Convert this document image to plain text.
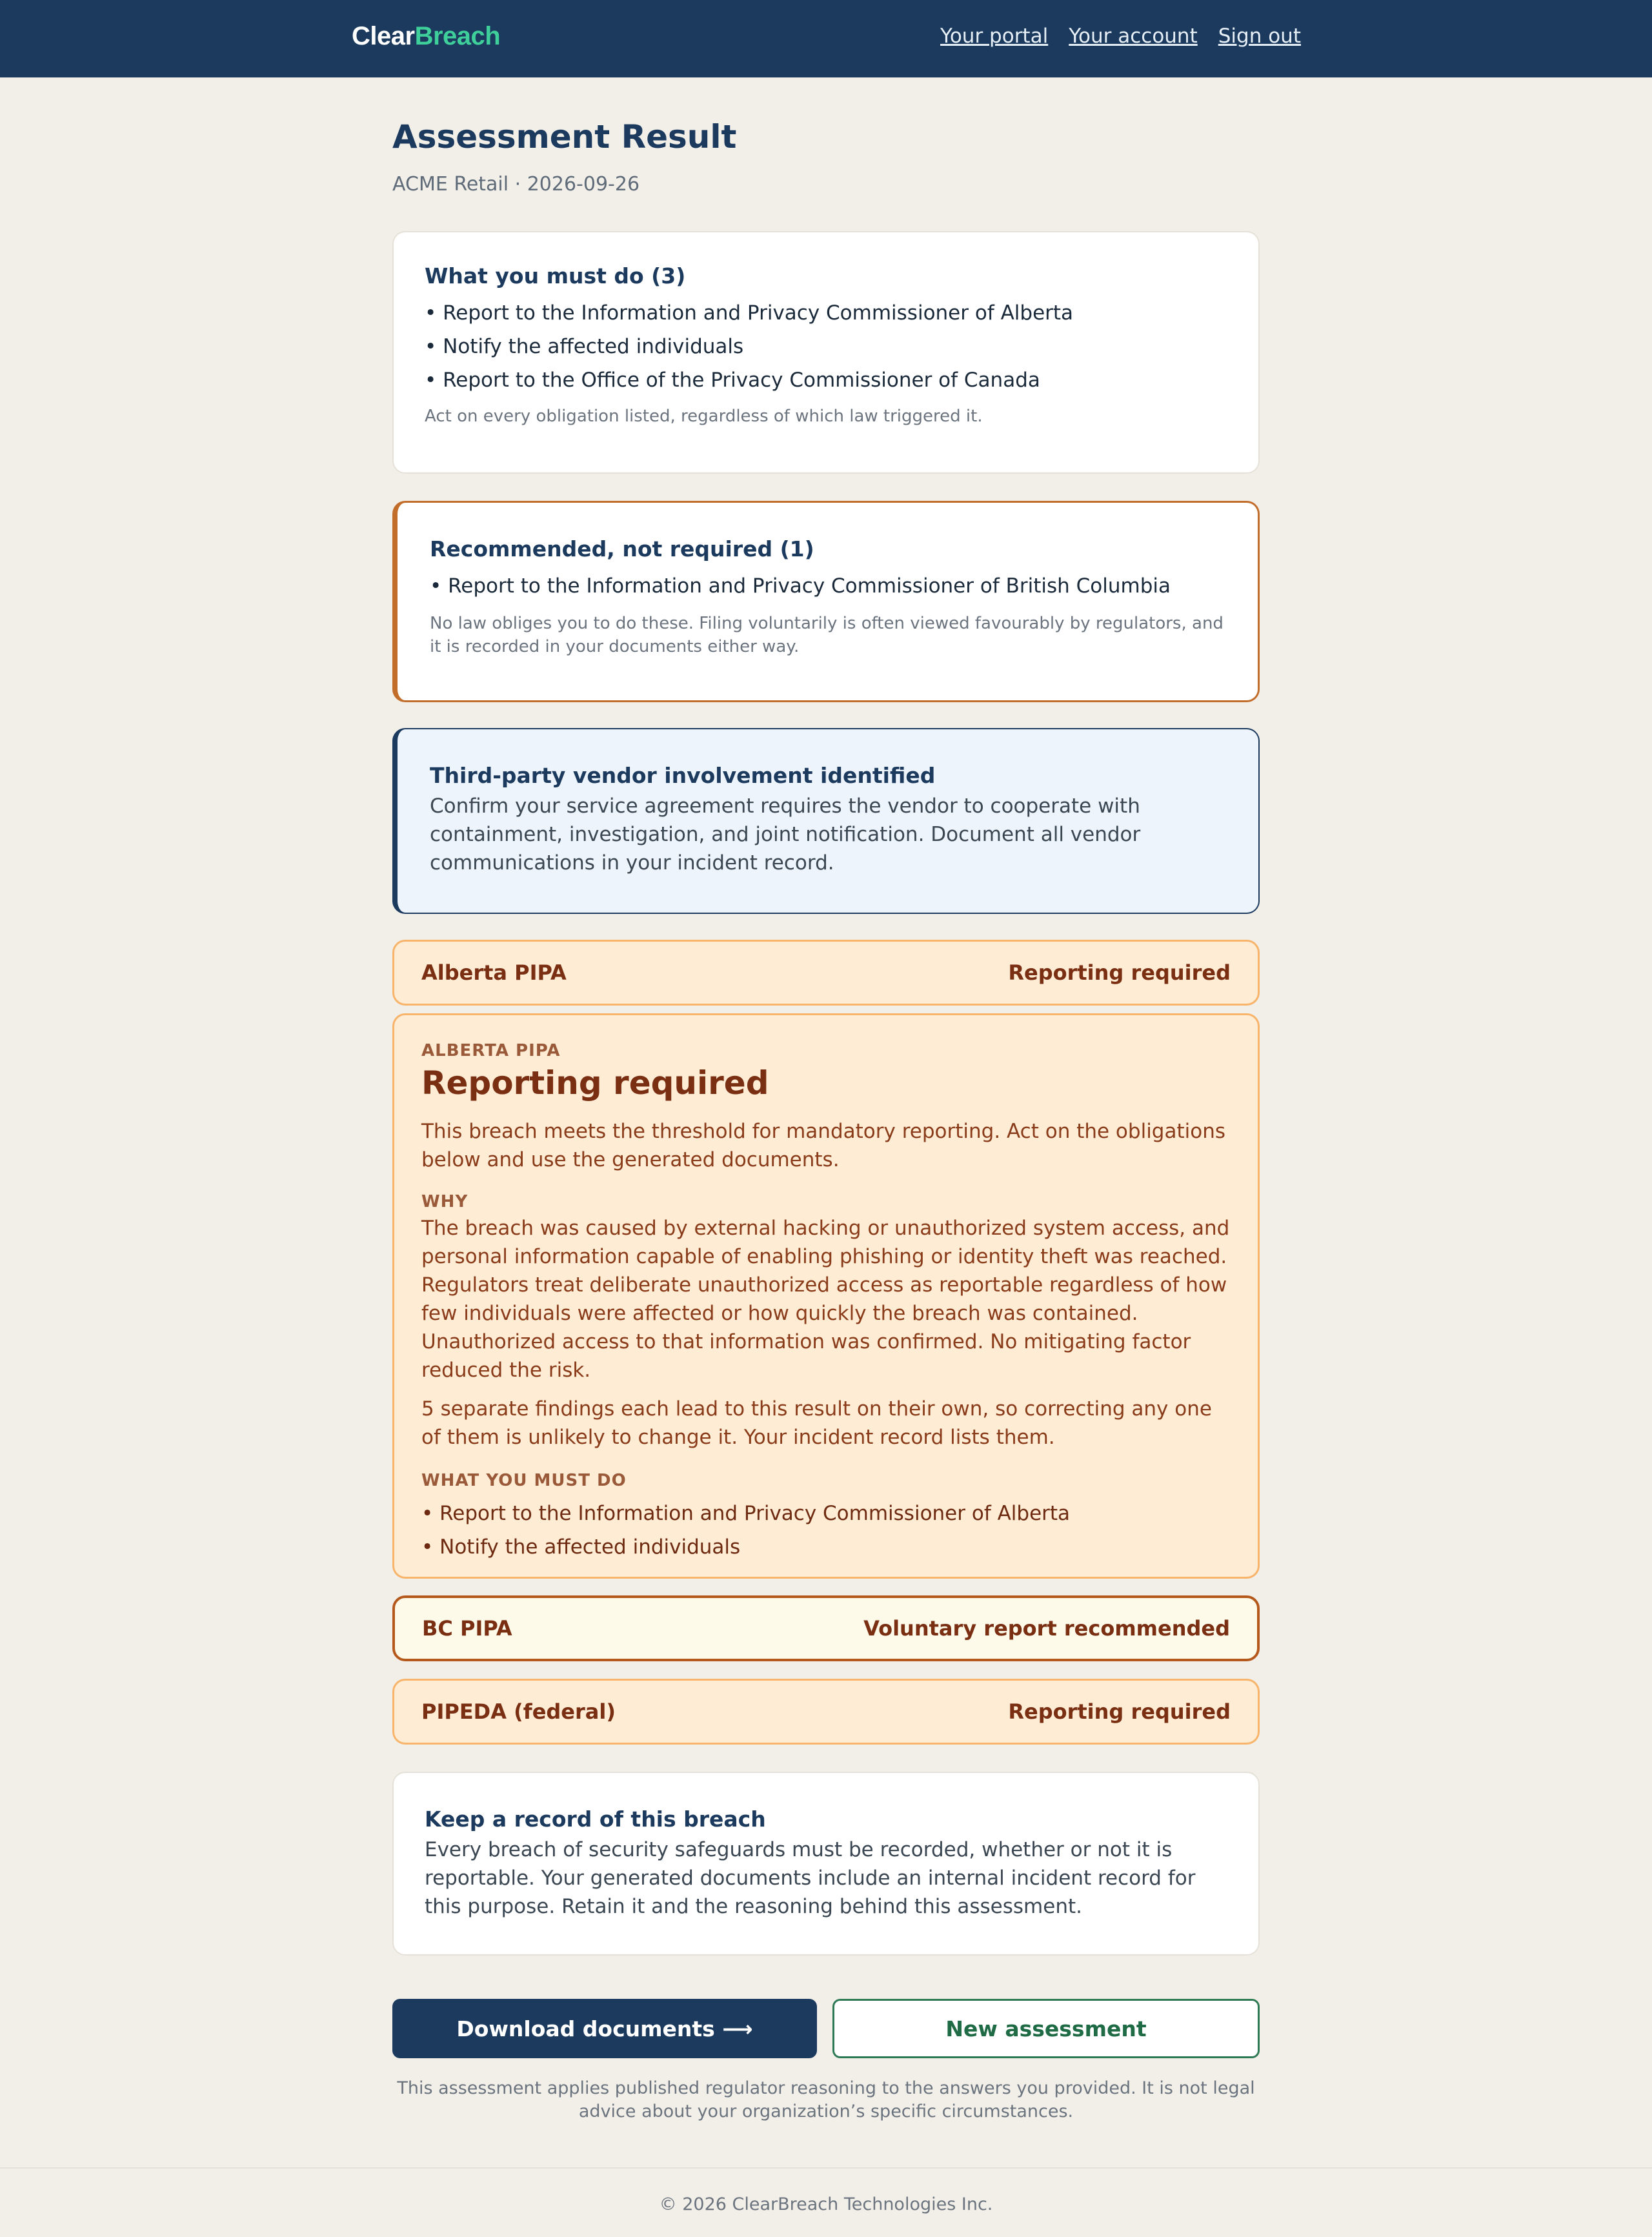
ClearBreach	Your portal Your account Sign out
Assessment Result
ACME Retail · 2026-09-26
What you must do (3)
• Report to the Information and Privacy Commissioner of Alberta
• Notify the affected individuals
• Report to the Office of the Privacy Commissioner of Canada
Act on every obligation listed, regardless of which law triggered it.
Recommended, not required (1)
• Report to the Information and Privacy Commissioner of British Columbia
No law obliges you to do these. Filing voluntarily is often viewed favourably by regulators, and it is recorded in your documents either way.
Third-party vendor involvement identified
Confirm your service agreement requires the vendor to cooperate with containment, investigation, and joint notification. Document all vendor communications in your incident record.
Alberta PIPA	Reporting required
ALBERTA PIPA
Reporting required

This breach meets the threshold for mandatory reporting. Act on the obligations below and use the generated documents.

WHY

The breach was caused by external hacking or unauthorized system access, and personal information capable of enabling phishing or identity theft was reached. Regulators treat deliberate unauthorized access as reportable regardless of how few individuals were affected or how quickly the breach was contained. Unauthorized access to that information was confirmed. No mitigating factor reduced the risk.

5 separate findings each lead to this result on their own, so correcting any one of them is unlikely to change it. Your incident record lists them.

WHAT YOU MUST DO
• Report to the Information and Privacy Commissioner of Alberta
• Notify the affected individuals
BC PIPA	Voluntary report recommended
PIPEDA (federal)	Reporting required
Keep a record of this breach
Every breach of security safeguards must be recorded, whether or not it is reportable. Your generated documents include an internal incident record for this purpose. Retain it and the reasoning behind this assessment.
Download documents ⟶	New assessment
This assessment applies published regulator reasoning to the answers you provided. It is not legal advice about your organization’s specific circumstances.
© 2026 ClearBreach Technologies Inc.
